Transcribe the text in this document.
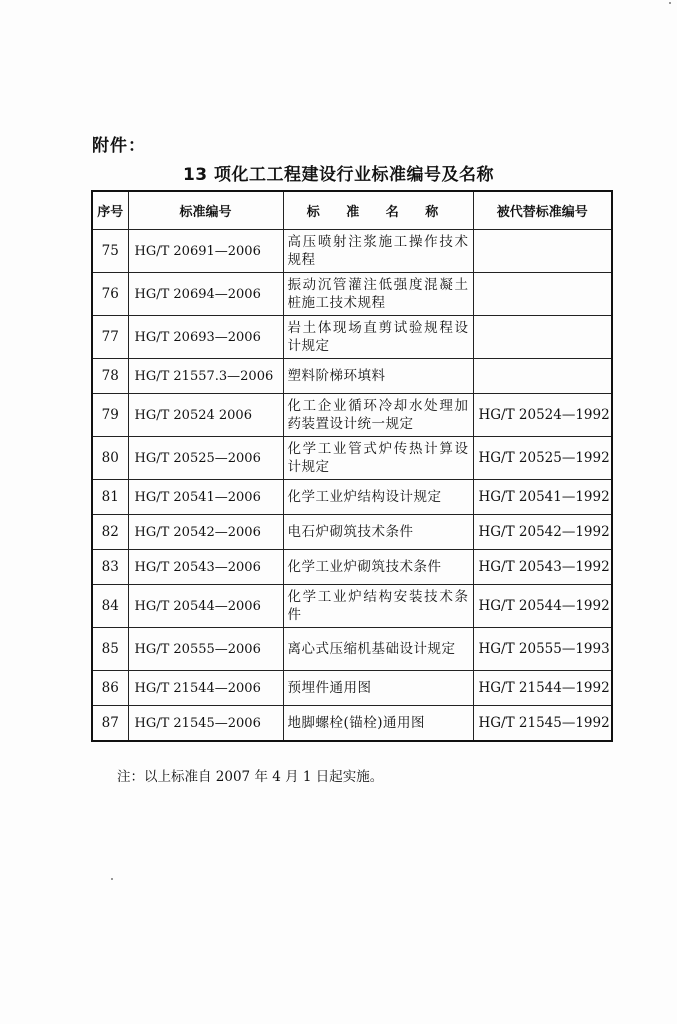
附件：
13 项化工工程建设行业标准编号及名称
序号	标准编号	标 准 名 称	被代替标准编号
75	HG/T 20691—2006	高压喷射注浆施工操作技术规程	
76	HG/T 20694—2006	振动沉管灌注低强度混凝土桩施工技术规程	
77	HG/T 20693—2006	岩土体现场直剪试验规程设计规定	
78	HG/T 21557.3—2006	塑料阶梯环填料	
79	HG/T 20524 2006	化工企业循环冷却水处理加药装置设计统一规定	HG/T 20524—1992
80	HG/T 20525—2006	化学工业管式炉传热计算设计规定	HG/T 20525—1992
81	HG/T 20541—2006	化学工业炉结构设计规定	HG/T 20541—1992
82	HG/T 20542—2006	电石炉砌筑技术条件	HG/T 20542—1992
83	HG/T 20543—2006	化学工业炉砌筑技术条件	HG/T 20543—1992
84	HG/T 20544—2006	化学工业炉结构安装技术条件	HG/T 20544—1992
85	HG/T 20555—2006	离心式压缩机基础设计规定	HG/T 20555—1993
86	HG/T 21544—2006	预埋件通用图	HG/T 21544—1992
87	HG/T 21545—2006	地脚螺栓(锚栓)通用图	HG/T 21545—1992
注：以上标准自 2007 年 4 月 1 日起实施。
